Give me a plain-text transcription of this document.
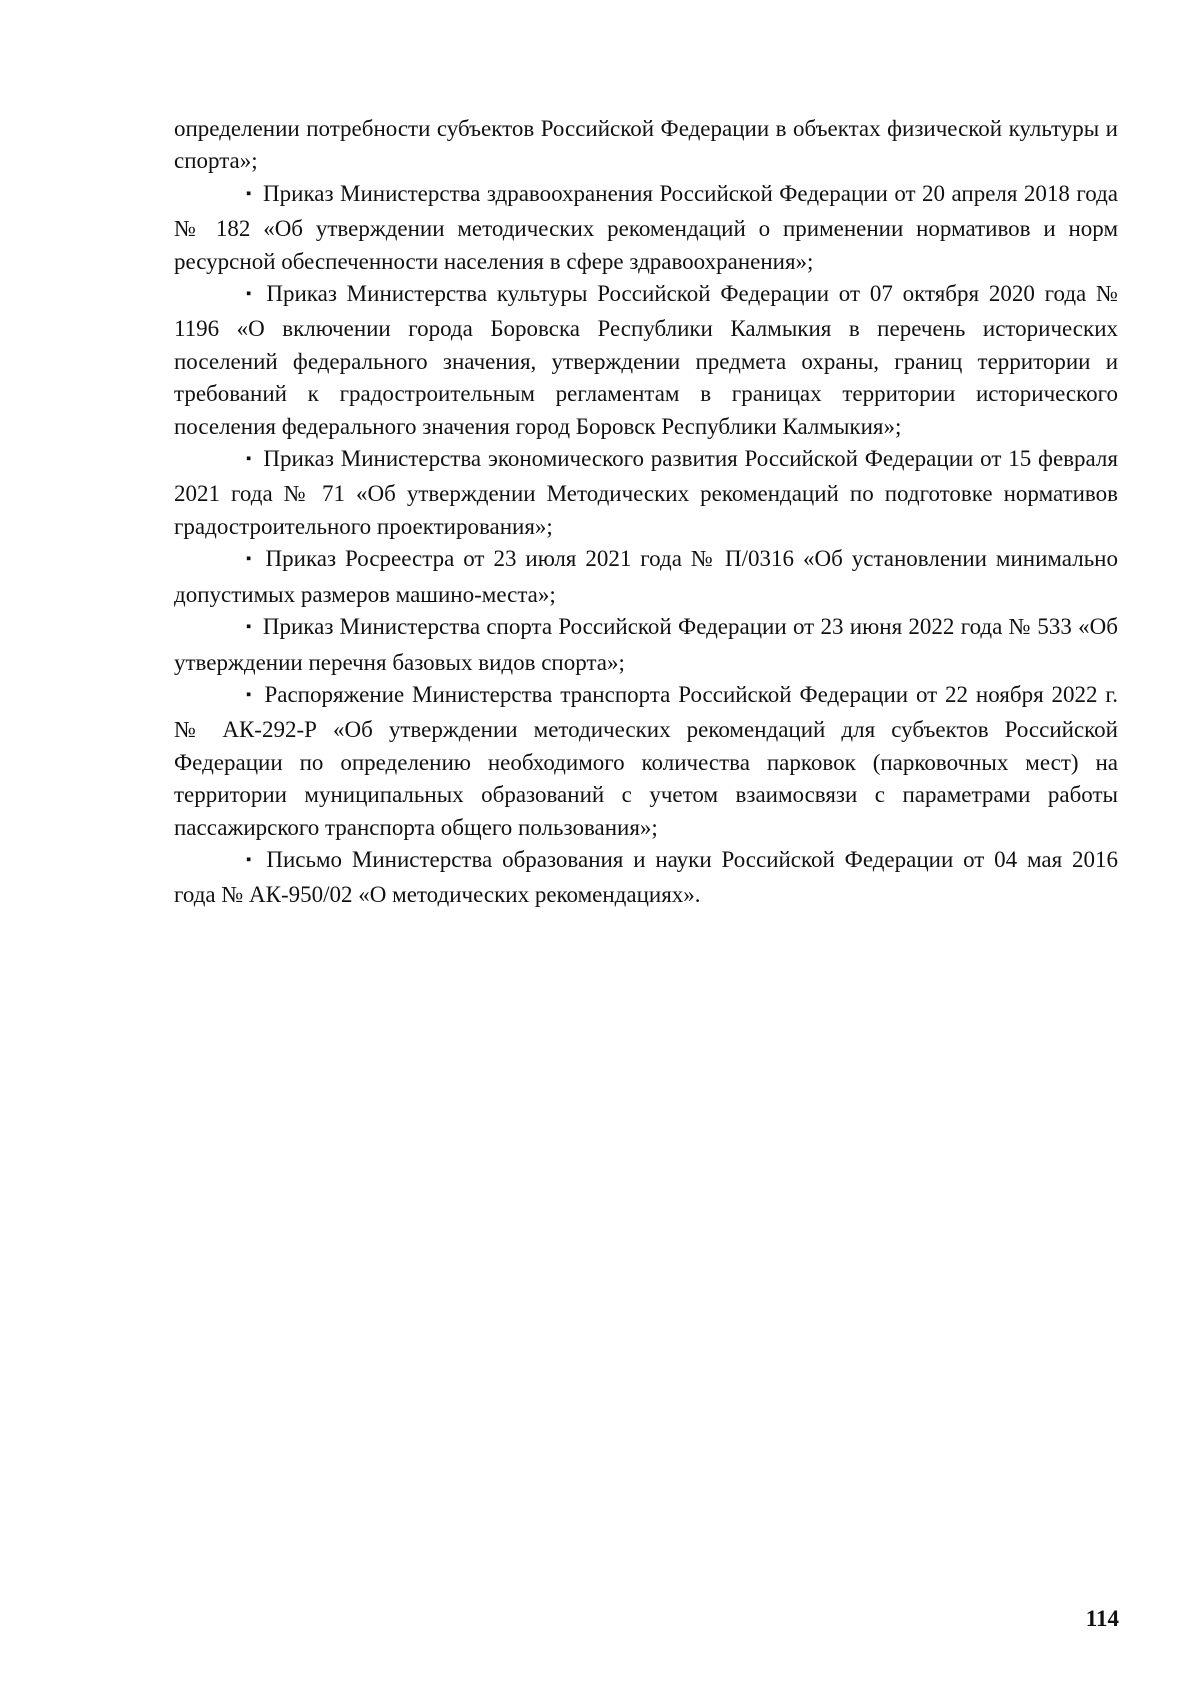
определении потребности субъектов Российской Федерации в объектах физической культуры и спорта»;

▪ Приказ Министерства здравоохранения Российской Федерации от 20 апреля 2018 года № 182 «Об утверждении методических рекомендаций о применении нормативов и норм ресурсной обеспеченности населения в сфере здравоохранения»;

▪ Приказ Министерства культуры Российской Федерации от 07 октября 2020 года № 1196 «О включении города Боровска Республики Калмыкия в перечень исторических поселений федерального значения, утверждении предмета охраны, границ территории и требований к градостроительным регламентам в границах территории исторического поселения федерального значения город Боровск Республики Калмыкия»;

▪ Приказ Министерства экономического развития Российской Федерации от 15 февраля 2021 года № 71 «Об утверждении Методических рекомендаций по подготовке нормативов градостроительного проектирования»;

▪ Приказ Росреестра от 23 июля 2021 года № П/0316 «Об установлении минимально допустимых размеров машино-места»;

▪ Приказ Министерства спорта Российской Федерации от 23 июня 2022 года № 533 «Об утверждении перечня базовых видов спорта»;

▪ Распоряжение Министерства транспорта Российской Федерации от 22 ноября 2022 г. № АК-292-Р «Об утверждении методических рекомендаций для субъектов Российской Федерации по определению необходимого количества парковок (парковочных мест) на территории муниципальных образований с учетом взаимосвязи с параметрами работы пассажирского транспорта общего пользования»;

▪ Письмо Министерства образования и науки Российской Федерации от 04 мая 2016 года № АК-950/02 «О методических рекомендациях».

114
